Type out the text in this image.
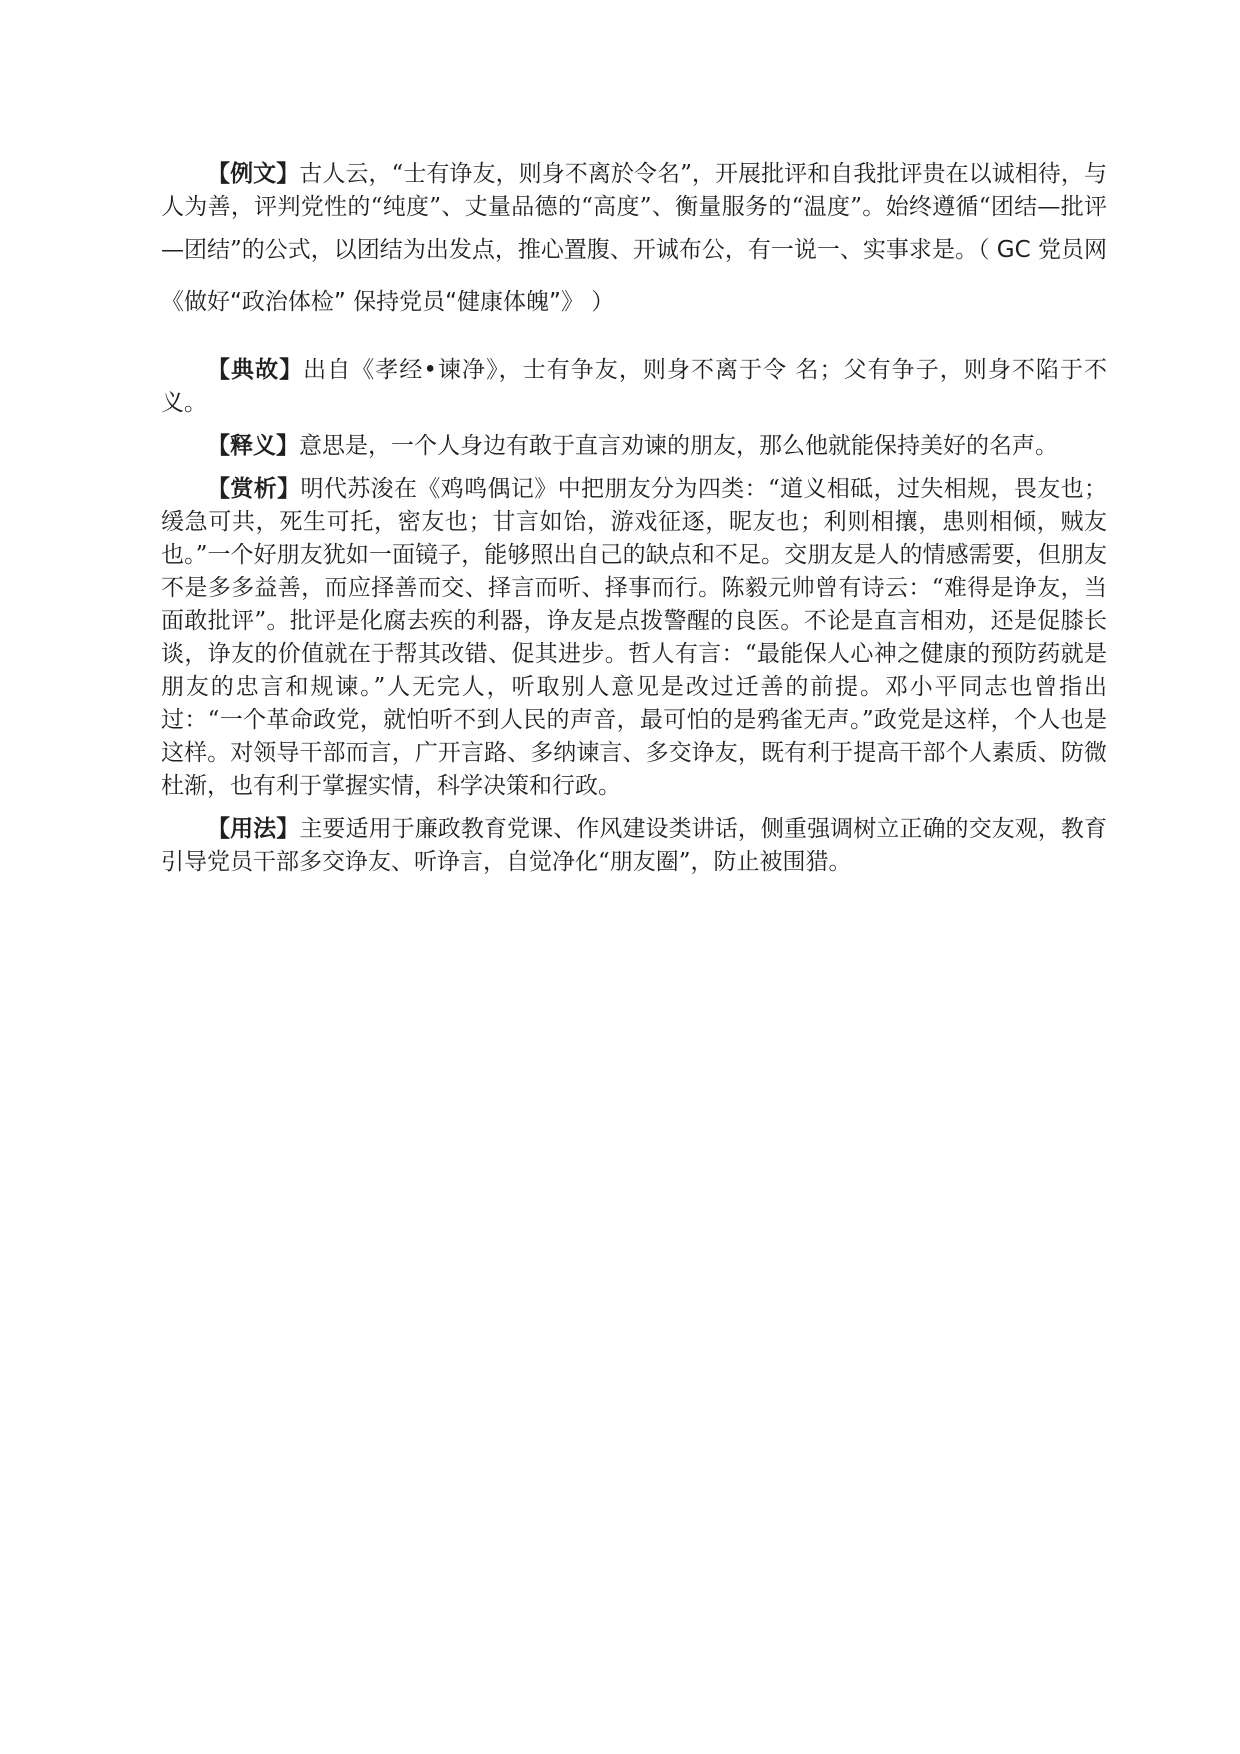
【例文】古人云，“士有诤友，则身不离於令名”，开展批评和自我批评贵在以诚相待，与人为善，评判党性的“纯度”、丈量品德的“高度”、衡量服务的“温度”。始终遵循“团结—批评—团结”的公式，以团结为出发点，推心置腹、开诚布公，有一说一、实事求是。（ GC 党员网《做好“政治体检” 保持党员“健康体魄”》 ）

【典故】出自《孝经•谏净》，士有争友，则身不离于令 名；父有争子，则身不陷于不义。

【释义】意思是，一个人身边有敢于直言劝谏的朋友，那么他就能保持美好的名声。

【赏析】明代苏浚在《鸡鸣偶记》中把朋友分为四类：“道义相砥，过失相规，畏友也；缓急可共，死生可托，密友也；甘言如饴，游戏征逐，昵友也；利则相攘，患则相倾，贼友也。”一个好朋友犹如一面镜子，能够照出自己的缺点和不足。交朋友是人的情感需要，但朋友不是多多益善，而应择善而交、择言而听、择事而行。陈毅元帅曾有诗云：“难得是诤友，当面敢批评”。批评是化腐去疾的利器，诤友是点拨警醒的良医。不论是直言相劝，还是促膝长谈，诤友的价值就在于帮其改错、促其进步。哲人有言：“最能保人心神之健康的预防药就是朋友的忠言和规谏。”人无完人，听取别人意见是改过迁善的前提。邓小平同志也曾指出过：“一个革命政党，就怕听不到人民的声音，最可怕的是鸦雀无声。”政党是这样，个人也是这样。对领导干部而言，广开言路、多纳谏言、多交诤友，既有利于提高干部个人素质、防微杜渐，也有利于掌握实情，科学决策和行政。

【用法】主要适用于廉政教育党课、作风建设类讲话，侧重强调树立正确的交友观，教育引导党员干部多交诤友、听诤言，自觉净化“朋友圈”，防止被围猎。
